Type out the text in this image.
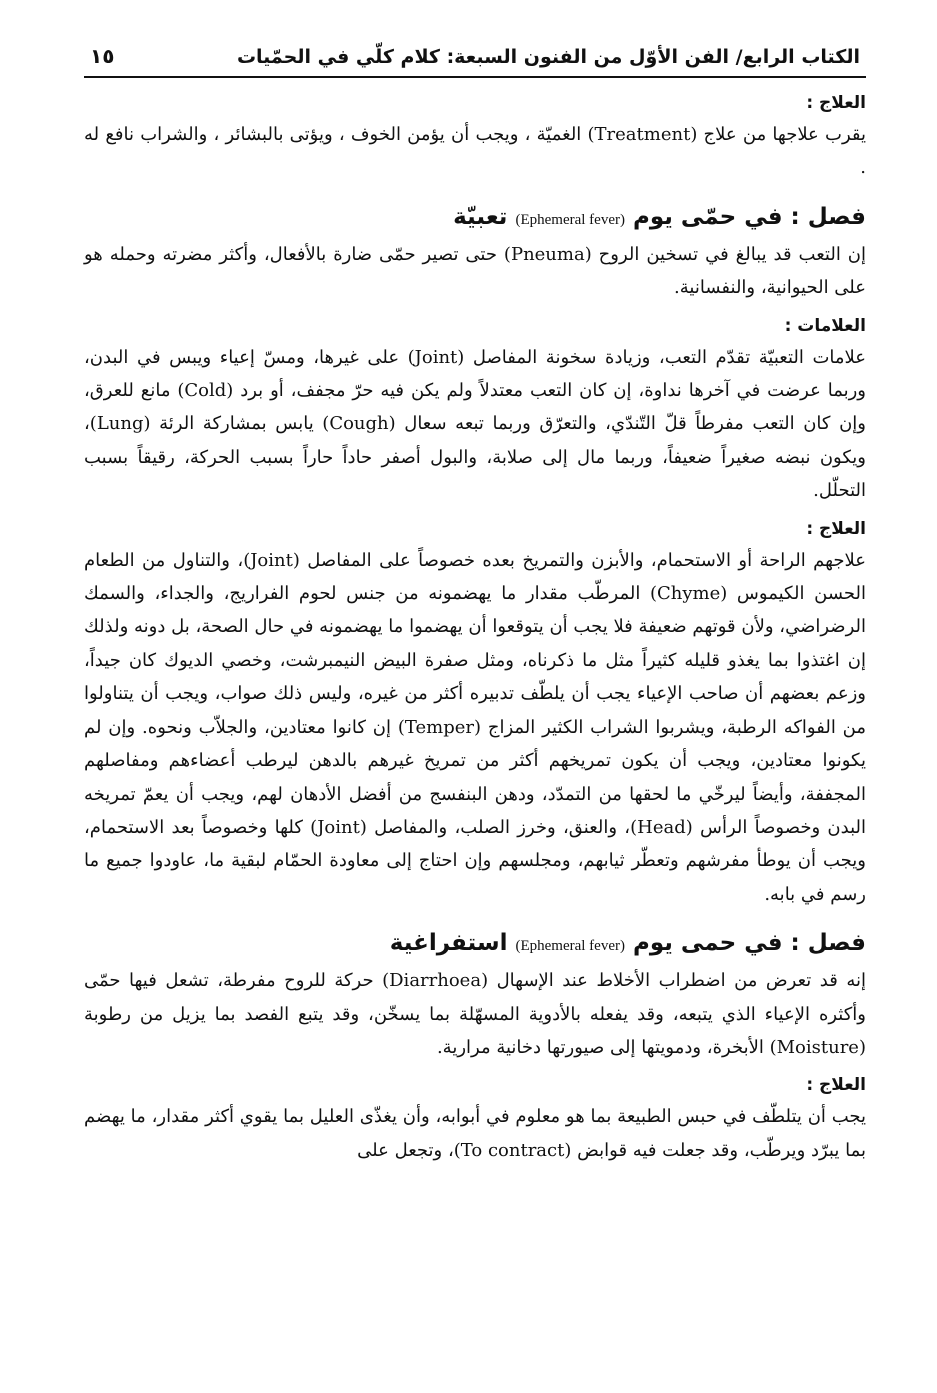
الكتاب الرابع/ الفن الأوّل من الفنون السبعة: كلام كلّي في الحمّيات
١٥
العلاج :

يقرب علاجها من علاج (Treatment) الغميّة ، ويجب أن يؤمن الخوف ، ويؤتى بالبشائر ، والشراب نافع له .

فصل : في حمّى يوم (Ephemeral fever) تعبيّة

إن التعب قد يبالغ في تسخين الروح (Pneuma) حتى تصير حمّى ضارة بالأفعال، وأكثر مضرته وحمله هو على الحيوانية، والنفسانية.

العلامات :

علامات التعبيّة تقدّم التعب، وزيادة سخونة المفاصل (Joint) على غيرها، ومسّ إعياء ويبس في البدن، وربما عرضت في آخرها نداوة، إن كان التعب معتدلاً ولم يكن فيه حرّ مجفف، أو برد (Cold) مانع للعرق، وإن كان التعب مفرطاً قلّ التّندّي، والتعرّق وربما تبعه سعال (Cough) يابس بمشاركة الرئة (Lung)، ويكون نبضه صغيراً ضعيفاً، وربما مال إلى صلابة، والبول أصفر حاداً حاراً بسبب الحركة، رقيقاً بسبب التحلّل.

العلاج :

علاجهم الراحة أو الاستحمام، والأبزن والتمريخ بعده خصوصاً على المفاصل (Joint)، والتناول من الطعام الحسن الكيموس (Chyme) المرطّب مقدار ما يهضمونه من جنس لحوم الفراريج، والجداء، والسمك الرضراضي، ولأن قوتهم ضعيفة فلا يجب أن يتوقعوا أن يهضموا ما يهضمونه في حال الصحة، بل دونه ولذلك إن اغتذوا بما يغذو قليله كثيراً مثل ما ذكرناه، ومثل صفرة البيض النيمبرشت، وخصي الديوك كان جيداً، وزعم بعضهم أن صاحب الإعياء يجب أن يلطّف تدبيره أكثر من غيره، وليس ذلك صواب، ويجب أن يتناولوا من الفواكه الرطبة، ويشربوا الشراب الكثير المزاج (Temper) إن كانوا معتادين، والجلاّب ونحوه. وإن لم يكونوا معتادين، ويجب أن يكون تمريخهم أكثر من تمريخ غيرهم بالدهن ليرطب أعضاءهم ومفاصلهم المجففة، وأيضاً ليرخّي ما لحقها من التمدّد، ودهن البنفسج من أفضل الأدهان لهم، ويجب أن يعمّ تمريخه البدن وخصوصاً الرأس (Head)، والعنق، وخرز الصلب، والمفاصل (Joint) كلها وخصوصاً بعد الاستحمام، ويجب أن يوطأ مفرشهم وتعطّر ثيابهم، ومجلسهم وإن احتاج إلى معاودة الحمّام لبقية ما، عاودوا جميع ما رسم في بابه.

فصل : في حمى يوم (Ephemeral fever) استفراغية

إنه قد تعرض من اضطراب الأخلاط عند الإسهال (Diarrhoea) حركة للروح مفرطة، تشعل فيها حمّى وأكثره الإعياء الذي يتبعه، وقد يفعله بالأدوية المسهّلة بما يسخّن، وقد يتبع الفصد بما يزيل من رطوبة (Moisture) الأبخرة، ودمويتها إلى صيورتها دخانية مرارية.

العلاج :

يجب أن يتلطّف في حبس الطبيعة بما هو معلوم في أبوابه، وأن يغذّى العليل بما يقوي أكثر مقدار، ما يهضم بما يبرّد ويرطّب، وقد جعلت فيه قوابض (To contract)، وتجعل على
